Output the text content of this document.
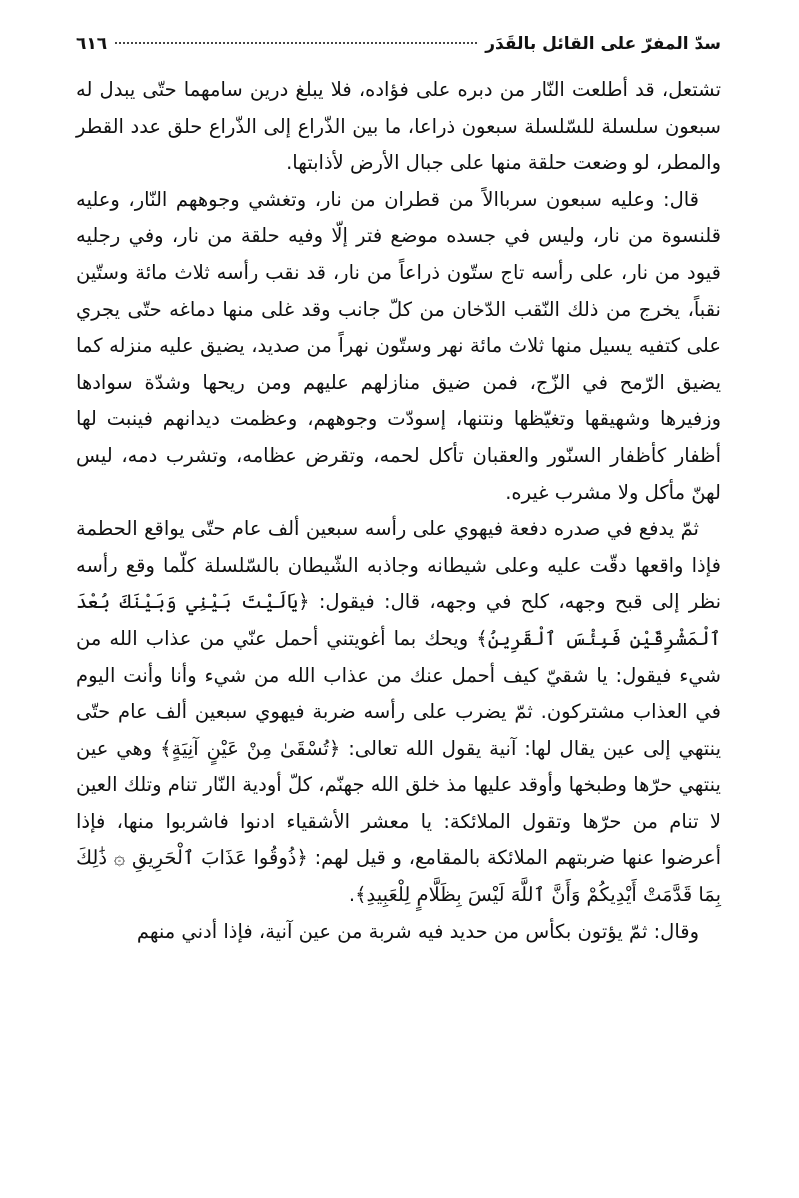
سدّ المفرّ على القائل بالقَدَر
٦١٦

تشتعل، قد أطلعت النّار من دبره على فؤاده، فلا يبلغ درين سامهما حتّى يبدل له سبعون سلسلة للسّلسلة سبعون ذراعا، ما بين الذّراع إلى الذّراع حلق عدد القطر والمطر، لو وضعت حلقة منها على جبال الأرض لأذابتها.

قال: وعليه سبعون سرباالاً من قطران من نار، وتغشي وجوههم النّار، وعليه قلنسوة من نار، وليس في جسده موضع فتر إلّا وفيه حلقة من نار، وفي رجليه قيود من نار، على رأسه تاج ستّون ذراعاً من نار، قد نقب رأسه ثلاث مائة وستّين نقباً، يخرج من ذلك النّقب الدّخان من كلّ جانب وقد غلى منها دماغه حتّى يجري على كتفيه يسيل منها ثلاث مائة نهر وستّون نهراً من صديد، يضيق عليه منزله كما يضيق الرّمح في الزّج، فمن ضيق منازلهم عليهم ومن ريحها وشدّة سوادها وزفيرها وشهيقها وتغيّظها ونتنها، إسودّت وجوههم، وعظمت ديدانهم فينبت لها أظفار كأظفار السنّور والعقبان تأكل لحمه، وتقرض عظامه، وتشرب دمه، ليس لهنّ مأكل ولا مشرب غيره.

ثمّ يدفع في صدره دفعة فيهوي على رأسه سبعين ألف عام حتّى يواقع الحطمة فإذا واقعها دقّت عليه وعلى شيطانه وجاذبه الشّيطان بالسّلسلة كلّما وقع رأسه نظر إلى قبح وجهه، كلح في وجهه، قال: فيقول: ﴿يَالَيْتَ بَيْنِي وَبَيْنَكَ بُعْدَ ٱلْمَشْرِقَيْنِ فَبِئْسَ ٱلْقَرِينُ﴾ ويحك بما أغويتني أحمل عنّي من عذاب الله من شيء فيقول: يا شقيّ كيف أحمل عنك من عذاب الله من شيء وأنا وأنت اليوم في العذاب مشتركون. ثمّ يضرب على رأسه ضربة فيهوي سبعين ألف عام حتّى ينتهي إلى عين يقال لها: آنية يقول الله تعالى: ﴿تُسْقَىٰ مِنْ عَيْنٍ آنِيَةٍ﴾ وهي عين ينتهي حرّها وطبخها وأوقد عليها مذ خلق الله جهنّم، كلّ أودية النّار تنام وتلك العين لا تنام من حرّها وتقول الملائكة: يا معشر الأشقياء ادنوا فاشربوا منها، فإذا أعرضوا عنها ضربتهم الملائكة بالمقامع، و قيل لهم: ﴿ذُوقُوا عَذَابَ ٱلْحَرِيقِ ۞ ذَٰلِكَ بِمَا قَدَّمَتْ أَيْدِيكُمْ وَأَنَّ ٱللَّهَ لَيْسَ بِظَلَّامٍ لِلْعَبِيدِ﴾.

وقال: ثمّ يؤتون بكأس من حديد فيه شربة من عين آنية، فإذا أدني منهم
